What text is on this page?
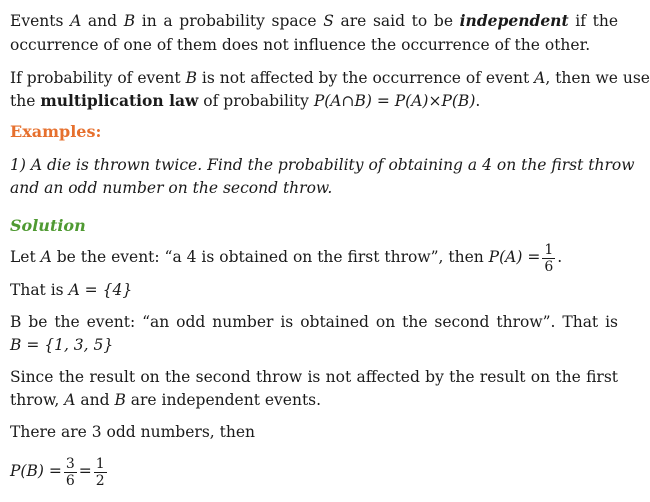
Events A and B in a probability space S are said to be independent if the
occurrence of one of them does not influence the occurrence of the other.
If probability of event B is not affected by the occurrence of event A, then we use
the multiplication law of probability P(A∩B) = P(A)×P(B).
Examples:
1) A die is thrown twice. Find the probability of obtaining a 4 on the first throw
and an odd number on the second throw.
Solution
Let A be the event: “a 4 is obtained on the first throw”, then $P(A) = \frac{1}{6}$ .
That is A = {4}
B be the event: “an odd number is obtained on the second throw”. That is
B = {1, 3, 5}
Since the result on the second throw is not affected by the result on the first
throw, A and B are independent events.
There are 3 odd numbers, then
$P(B) = \frac{3}{6} = \frac{1}{2}$
